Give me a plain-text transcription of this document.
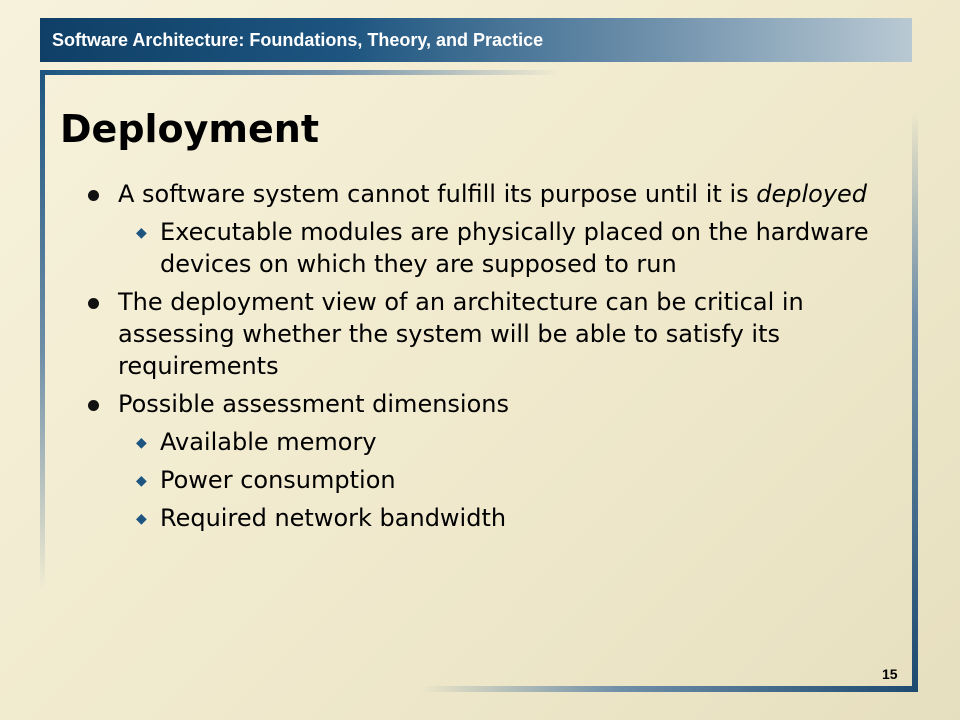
Software Architecture: Foundations, Theory, and Practice
Deployment
A software system cannot fulfill its purpose until it is deployed
◆ Executable modules are physically placed on the hardware devices on which they are supposed to run
The deployment view of an architecture can be critical in assessing whether the system will be able to satisfy its requirements
Possible assessment dimensions
◆ Available memory
◆ Power consumption
◆ Required network bandwidth
15
